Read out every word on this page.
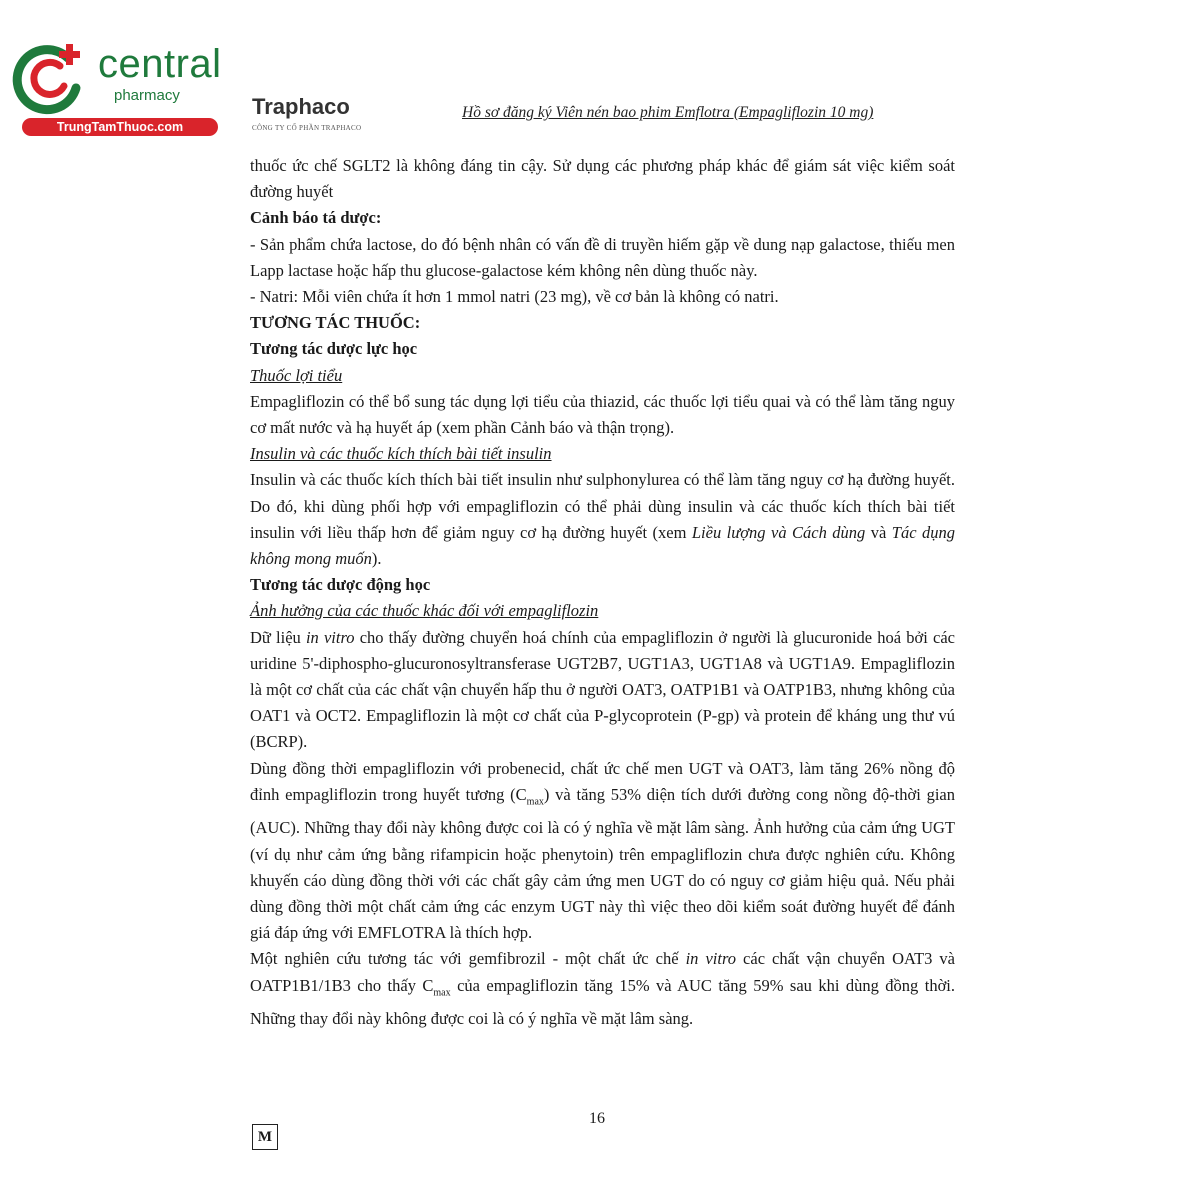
central
pharmacy
TrungTamThuoc.com
Traphaco
CÔNG TY CỔ PHẦN TRAPHACO
Hồ sơ đăng ký Viên nén bao phim Emflotra (Empagliflozin 10 mg)

thuốc ức chế SGLT2 là không đáng tin cậy. Sử dụng các phương pháp khác để giám sát việc kiểm soát đường huyết

Cảnh báo tá dược:

- Sản phẩm chứa lactose, do đó bệnh nhân có vấn đề di truyền hiếm gặp về dung nạp galactose, thiếu men Lapp lactase hoặc hấp thu glucose-galactose kém không nên dùng thuốc này.

- Natri: Mỗi viên chứa ít hơn 1 mmol natri (23 mg), về cơ bản là không có natri.

TƯƠNG TÁC THUỐC:

Tương tác dược lực học

Thuốc lợi tiểu

Empagliflozin có thể bổ sung tác dụng lợi tiểu của thiazid, các thuốc lợi tiểu quai và có thể làm tăng nguy cơ mất nước và hạ huyết áp (xem phần Cảnh báo và thận trọng).

Insulin và các thuốc kích thích bài tiết insulin

Insulin và các thuốc kích thích bài tiết insulin như sulphonylurea có thể làm tăng nguy cơ hạ đường huyết. Do đó, khi dùng phối hợp với empagliflozin có thể phải dùng insulin và các thuốc kích thích bài tiết insulin với liều thấp hơn để giảm nguy cơ hạ đường huyết (xem Liều lượng và Cách dùng và Tác dụng không mong muốn).

Tương tác dược động học

Ảnh hưởng của các thuốc khác đối với empagliflozin

Dữ liệu in vitro cho thấy đường chuyển hoá chính của empagliflozin ở người là glucuronide hoá bởi các uridine 5'-diphospho-glucuronosyltransferase UGT2B7, UGT1A3, UGT1A8 và UGT1A9. Empagliflozin là một cơ chất của các chất vận chuyển hấp thu ở người OAT3, OATP1B1 và OATP1B3, nhưng không của OAT1 và OCT2. Empagliflozin là một cơ chất của P-glycoprotein (P-gp) và protein để kháng ung thư vú (BCRP).

Dùng đồng thời empagliflozin với probenecid, chất ức chế men UGT và OAT3, làm tăng 26% nồng độ đỉnh empagliflozin trong huyết tương $(C_{max})$ và tăng 53% diện tích dưới đường cong nồng độ-thời gian (AUC). Những thay đổi này không được coi là có ý nghĩa về mặt lâm sàng. Ảnh hưởng của cảm ứng UGT (ví dụ như cảm ứng bằng rifampicin hoặc phenytoin) trên empagliflozin chưa được nghiên cứu. Không khuyến cáo dùng đồng thời với các chất gây cảm ứng men UGT do có nguy cơ giảm hiệu quả. Nếu phải dùng đồng thời một chất cảm ứng các enzym UGT này thì việc theo dõi kiểm soát đường huyết để đánh giá đáp ứng với EMFLOTRA là thích hợp.

Một nghiên cứu tương tác với gemfibrozil - một chất ức chế in vitro các chất vận chuyển OAT3 và OATP1B1/1B3 cho thấy $C_{max}$ của empagliflozin tăng 15% và AUC tăng 59% sau khi dùng đồng thời. Những thay đổi này không được coi là có ý nghĩa về mặt lâm sàng.

16
M
